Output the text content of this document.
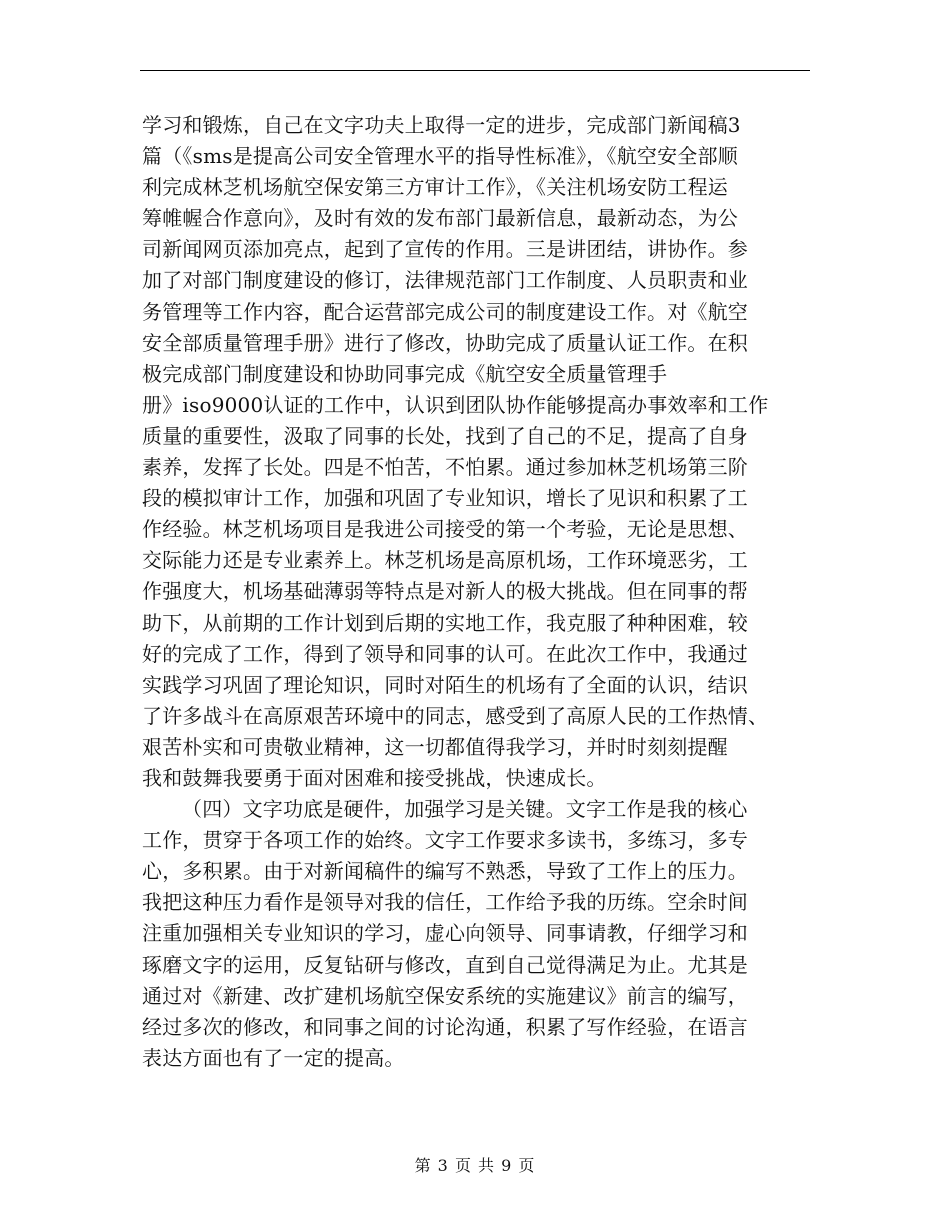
学习和锻炼，自己在文字功夫上取得一定的进步，完成部门新闻稿3
篇（《sms是提高公司安全管理水平的指导性标准》，《航空安全部顺
利完成林芝机场航空保安第三方审计工作》，《关注机场安防工程运
筹帷幄合作意向》，及时有效的发布部门最新信息，最新动态，为公
司新闻网页添加亮点，起到了宣传的作用。三是讲团结，讲协作。参
加了对部门制度建设的修订，法律规范部门工作制度、人员职责和业
务管理等工作内容，配合运营部完成公司的制度建设工作。对《航空
安全部质量管理手册》进行了修改，协助完成了质量认证工作。在积
极完成部门制度建设和协助同事完成《航空安全质量管理手
册》iso9000认证的工作中，认识到团队协作能够提高办事效率和工作
质量的重要性，汲取了同事的长处，找到了自己的不足，提高了自身
素养，发挥了长处。四是不怕苦，不怕累。通过参加林芝机场第三阶
段的模拟审计工作，加强和巩固了专业知识，增长了见识和积累了工
作经验。林芝机场项目是我进公司接受的第一个考验，无论是思想、
交际能力还是专业素养上。林芝机场是高原机场，工作环境恶劣，工
作强度大，机场基础薄弱等特点是对新人的极大挑战。但在同事的帮
助下，从前期的工作计划到后期的实地工作，我克服了种种困难，较
好的完成了工作，得到了领导和同事的认可。在此次工作中，我通过
实践学习巩固了理论知识，同时对陌生的机场有了全面的认识，结识
了许多战斗在高原艰苦环境中的同志，感受到了高原人民的工作热情、
艰苦朴实和可贵敬业精神，这一切都值得我学习，并时时刻刻提醒
我和鼓舞我要勇于面对困难和接受挑战，快速成长。
（四）文字功底是硬件，加强学习是关键。文字工作是我的核心
工作，贯穿于各项工作的始终。文字工作要求多读书，多练习，多专
心，多积累。由于对新闻稿件的编写不熟悉，导致了工作上的压力。
我把这种压力看作是领导对我的信任，工作给予我的历练。空余时间
注重加强相关专业知识的学习，虚心向领导、同事请教，仔细学习和
琢磨文字的运用，反复钻研与修改，直到自己觉得满足为止。尤其是
通过对《新建、改扩建机场航空保安系统的实施建议》前言的编写，
经过多次的修改，和同事之间的讨论沟通，积累了写作经验，在语言
表达方面也有了一定的提高。
第 3 页 共 9 页
